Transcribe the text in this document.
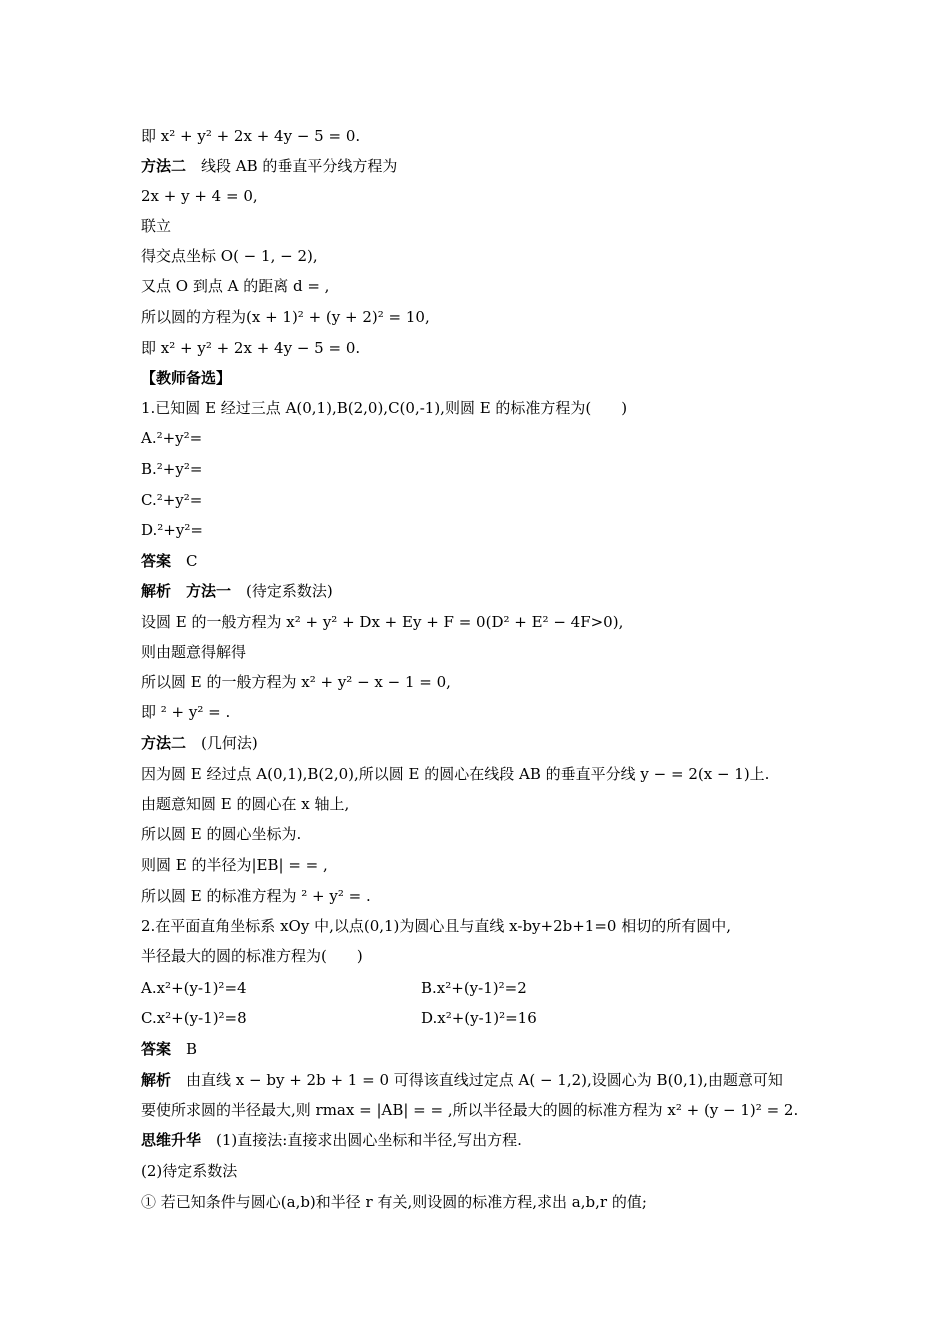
即 x² + y² + 2x + 4y − 5 = 0.
方法二　 线段 AB 的垂直平分线方程为
2x + y + 4 = 0,
联立
得交点坐标 O( − 1, − 2),
又点 O 到点 A 的距离 d = ,
所以圆的方程为(x + 1)² + (y + 2)² = 10,
即 x² + y² + 2x + 4y − 5 = 0.
【教师备选】
1.已知圆 E 经过三点 A(0,1),B(2,0),C(0,-1),则圆 E 的标准方程为(　　)
A.²+y²=
B.²+y²=
C.²+y²=
D.²+y²=
答案　 C
解析　方法一　 (待定系数法)
设圆 E 的一般方程为 x² + y² + Dx + Ey + F = 0(D² + E² − 4F>0),
则由题意得解得
所以圆 E 的一般方程为 x² + y² − x − 1 = 0,
即 ² + y² = .
方法二　 (几何法)
因为圆 E 经过点 A(0,1),B(2,0),所以圆 E 的圆心在线段 AB 的垂直平分线 y − = 2(x − 1)上.
由题意知圆 E 的圆心在 x 轴上,
所以圆 E 的圆心坐标为.
则圆 E 的半径为|EB| = = ,
所以圆 E 的标准方程为 ² + y² = .
2.在平面直角坐标系 xOy 中,以点(0,1)为圆心且与直线 x-by+2b+1=0 相切的所有圆中,
半径最大的圆的标准方程为(　　)
A.x²+(y-1)²=4	B.x²+(y-1)²=2
C.x²+(y-1)²=8	D.x²+(y-1)²=16
答案　 B
解析　 由直线 x − by + 2b + 1 = 0 可得该直线过定点 A( − 1,2),设圆心为 B(0,1),由题意可知
要使所求圆的半径最大,则 rmax = |AB| = = ,所以半径最大的圆的标准方程为 x² + (y − 1)² = 2.
思维升华　 (1)直接法:直接求出圆心坐标和半径,写出方程.
(2)待定系数法
① 若已知条件与圆心(a,b)和半径 r 有关,则设圆的标准方程,求出 a,b,r 的值;
